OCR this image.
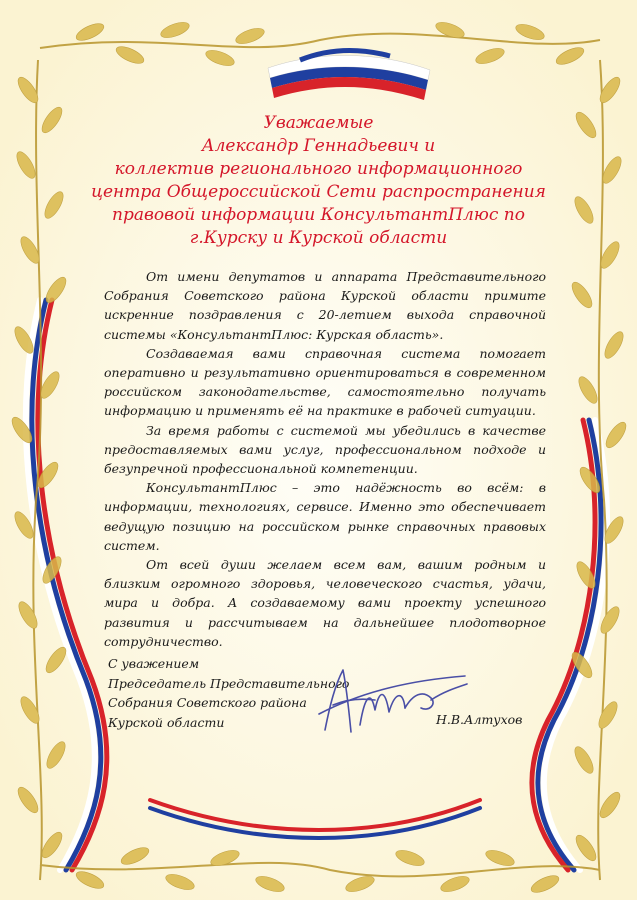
Уважаемые
Александр Геннадьевич и
коллектив регионального информационного
центра Общероссийской Сети распространения
правовой информации КонсультантПлюс по
г.Курску и Курской области

От имени депутатов и аппарата Представительного Собрания Советского района Курской области примите искренние поздравления с 20-летием выхода справочной системы «КонсультантПлюс: Курская область».

Создаваемая вами справочная система помогает оперативно и результативно ориентироваться в современном российском законодательстве, самостоятельно получать информацию и применять её на практике в рабочей ситуации.

За время работы с системой мы убедились в качестве предоставляемых вами услуг, профессиональном подходе и безупречной профессиональной компетенции.

КонсультантПлюс – это надёжность во всём: в информации, технологиях, сервисе. Именно это обеспечивает ведущую позицию на российском рынке справочных правовых систем.

От всей души желаем всем вам, вашим родным и близким огромного здоровья, человеческого счастья, удачи, мира и добра. А создаваемому вами проекту успешного развития и рассчитываем на дальнейшее плодотворное сотрудничество.

С уважением
Председатель Представительного
Собрания Советского района
Курской области	Н.В.Алтухов
